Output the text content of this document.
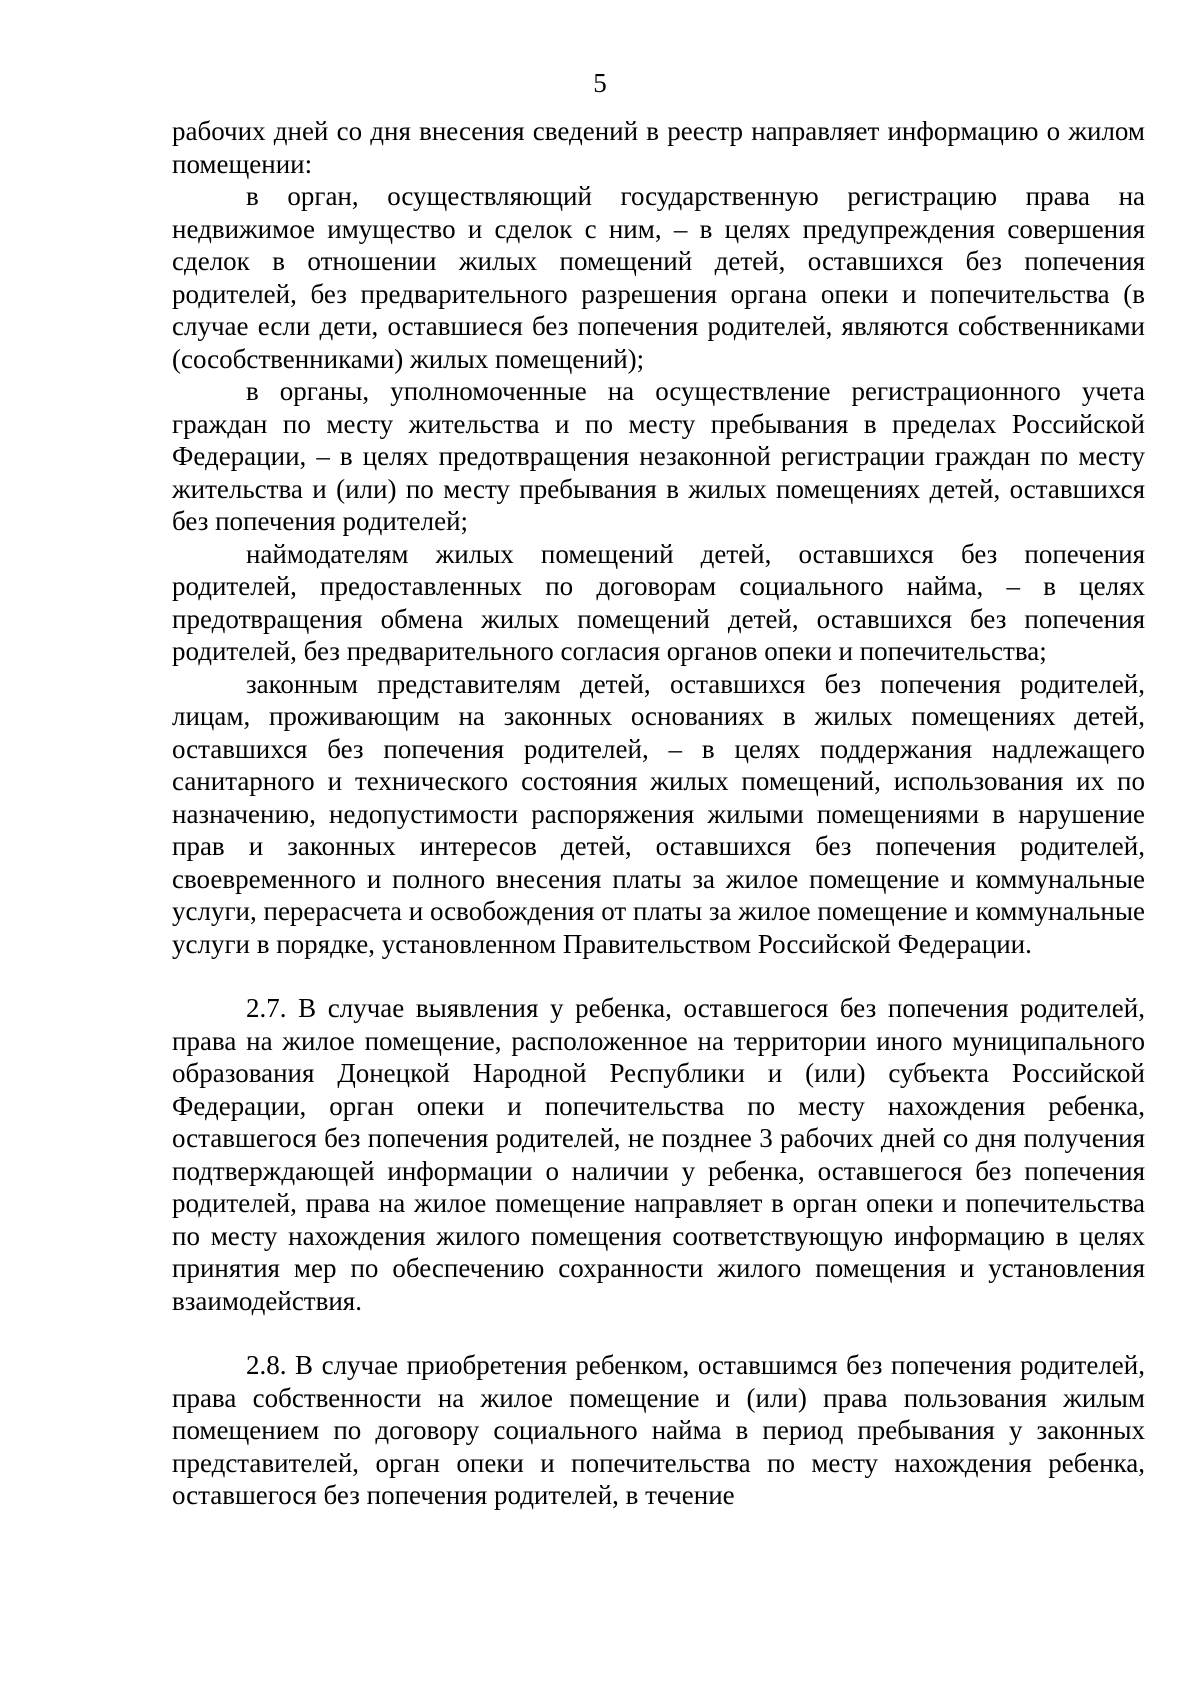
5

рабочих дней со дня внесения сведений в реестр направляет информацию о жилом помещении:

в орган, осуществляющий государственную регистрацию права на недвижимое имущество и сделок с ним, – в целях предупреждения совершения сделок в отношении жилых помещений детей, оставшихся без попечения родителей, без предварительного разрешения органа опеки и попечительства (в случае если дети, оставшиеся без попечения родителей, являются собственниками (сособственниками) жилых помещений);

в органы, уполномоченные на осуществление регистрационного учета граждан по месту жительства и по месту пребывания в пределах Российской Федерации, – в целях предотвращения незаконной регистрации граждан по месту жительства и (или) по месту пребывания в жилых помещениях детей, оставшихся без попечения родителей;

наймодателям жилых помещений детей, оставшихся без попечения родителей, предоставленных по договорам социального найма, – в целях предотвращения обмена жилых помещений детей, оставшихся без попечения родителей, без предварительного согласия органов опеки и попечительства;

законным представителям детей, оставшихся без попечения родителей, лицам, проживающим на законных основаниях в жилых помещениях детей, оставшихся без попечения родителей, – в целях поддержания надлежащего санитарного и технического состояния жилых помещений, использования их по назначению, недопустимости распоряжения жилыми помещениями в нарушение прав и законных интересов детей, оставшихся без попечения родителей, своевременного и полного внесения платы за жилое помещение и коммунальные услуги, перерасчета и освобождения от платы за жилое помещение и коммунальные услуги в порядке, установленном Правительством Российской Федерации.

2.7. В случае выявления у ребенка, оставшегося без попечения родителей, права на жилое помещение, расположенное на территории иного муниципального образования Донецкой Народной Республики и (или) субъекта Российской Федерации, орган опеки и попечительства по месту нахождения ребенка, оставшегося без попечения родителей, не позднее 3 рабочих дней со дня получения подтверждающей информации о наличии у ребенка, оставшегося без попечения родителей, права на жилое помещение направляет в орган опеки и попечительства по месту нахождения жилого помещения соответствующую информацию в целях принятия мер по обеспечению сохранности жилого помещения и установления взаимодействия.

2.8. В случае приобретения ребенком, оставшимся без попечения родителей, права собственности на жилое помещение и (или) права пользования жилым помещением по договору социального найма в период пребывания у законных представителей, орган опеки и попечительства по месту нахождения ребенка, оставшегося без попечения родителей, в течение
